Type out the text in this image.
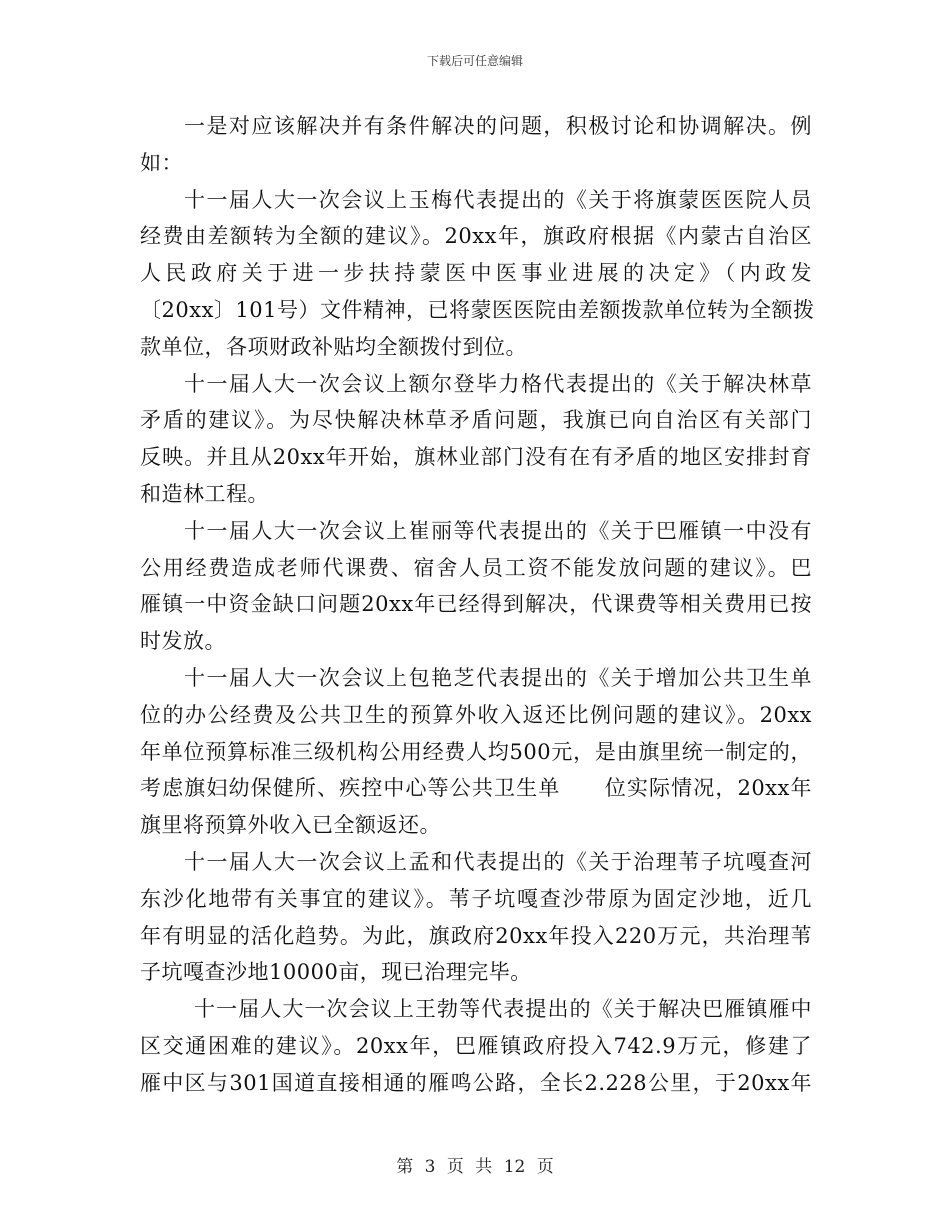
下载后可任意编辑
一是对应该解决并有条件解决的问题，积极讨论和协调解决。例
如：
十一届人大一次会议上玉梅代表提出的《关于将旗蒙医医院人员
经费由差额转为全额的建议》。20xx年，旗政府根据《内蒙古自治区
人民政府关于进一步扶持蒙医中医事业进展的决定》（内政发
〔20xx〕101号）文件精神，已将蒙医医院由差额拨款单位转为全额拨
款单位，各项财政补贴均全额拨付到位。
十一届人大一次会议上额尔登毕力格代表提出的《关于解决林草
矛盾的建议》。为尽快解决林草矛盾问题，我旗已向自治区有关部门
反映。并且从20xx年开始，旗林业部门没有在有矛盾的地区安排封育
和造林工程。
十一届人大一次会议上崔丽等代表提出的《关于巴雁镇一中没有
公用经费造成老师代课费、宿舍人员工资不能发放问题的建议》。巴
雁镇一中资金缺口问题20xx年已经得到解决，代课费等相关费用已按
时发放。
十一届人大一次会议上包艳芝代表提出的《关于增加公共卫生单
位的办公经费及公共卫生的预算外收入返还比例问题的建议》。20xx
年单位预算标准三级机构公用经费人均500元，是由旗里统一制定的，
考虑旗妇幼保健所、疾控中心等公共卫生单　　位实际情况，20xx年
旗里将预算外收入已全额返还。
十一届人大一次会议上孟和代表提出的《关于治理苇子坑嘎查河
东沙化地带有关事宜的建议》。苇子坑嘎查沙带原为固定沙地，近几
年有明显的活化趋势。为此，旗政府20xx年投入220万元，共治理苇
子坑嘎查沙地10000亩，现已治理完毕。
十一届人大一次会议上王勃等代表提出的《关于解决巴雁镇雁中
区交通困难的建议》。20xx年，巴雁镇政府投入742.9万元，修建了
雁中区与301国道直接相通的雁鸣公路，全长2.228公里，于20xx年
第 3 页 共 12 页
